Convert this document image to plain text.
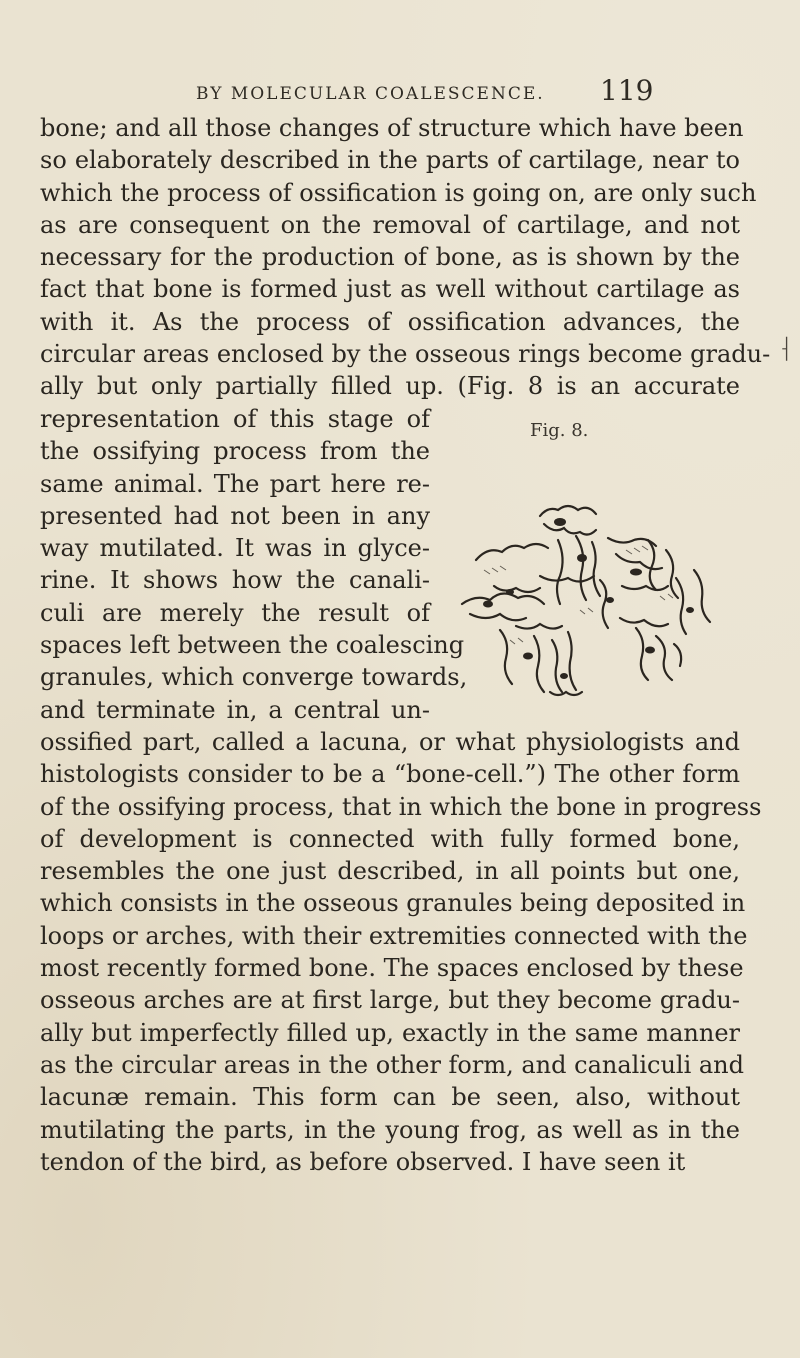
BY MOLECULAR COALESCENCE. 119
bone; and all those changes of structure which have been
so elaborately described in the parts of cartilage, near to
which the process of ossification is going on, are only such
as are consequent on the removal of cartilage, and not
necessary for the production of bone, as is shown by the
fact that bone is formed just as well without cartilage as
with it. As the process of ossification advances, the
circular areas enclosed by the osseous rings become gradu-
ally but only partially filled up. (Fig. 8 is an accurate
representation of this stage of
the ossifying process from the
same animal. The part here re-
presented had not been in any
way mutilated. It was in glyce-
rine. It shows how the canali-
culi are merely the result of
spaces left between the coalescing
granules, which converge towards,
and terminate in, a central un-
ossified part, called a lacuna, or what physiologists and
histologists consider to be a “bone-cell.”) The other form
of the ossifying process, that in which the bone in progress
of development is connected with fully formed bone,
resembles the one just described, in all points but one,
which consists in the osseous granules being deposited in
loops or arches, with their extremities connected with the
most recently formed bone. The spaces enclosed by these
osseous arches are at first large, but they become gradu-
ally but imperfectly filled up, exactly in the same manner
as the circular areas in the other form, and canaliculi and
lacunæ remain. This form can be seen, also, without
mutilating the parts, in the young frog, as well as in the
tendon of the bird, as before observed. I have seen it
Fig. 8.
⸡
